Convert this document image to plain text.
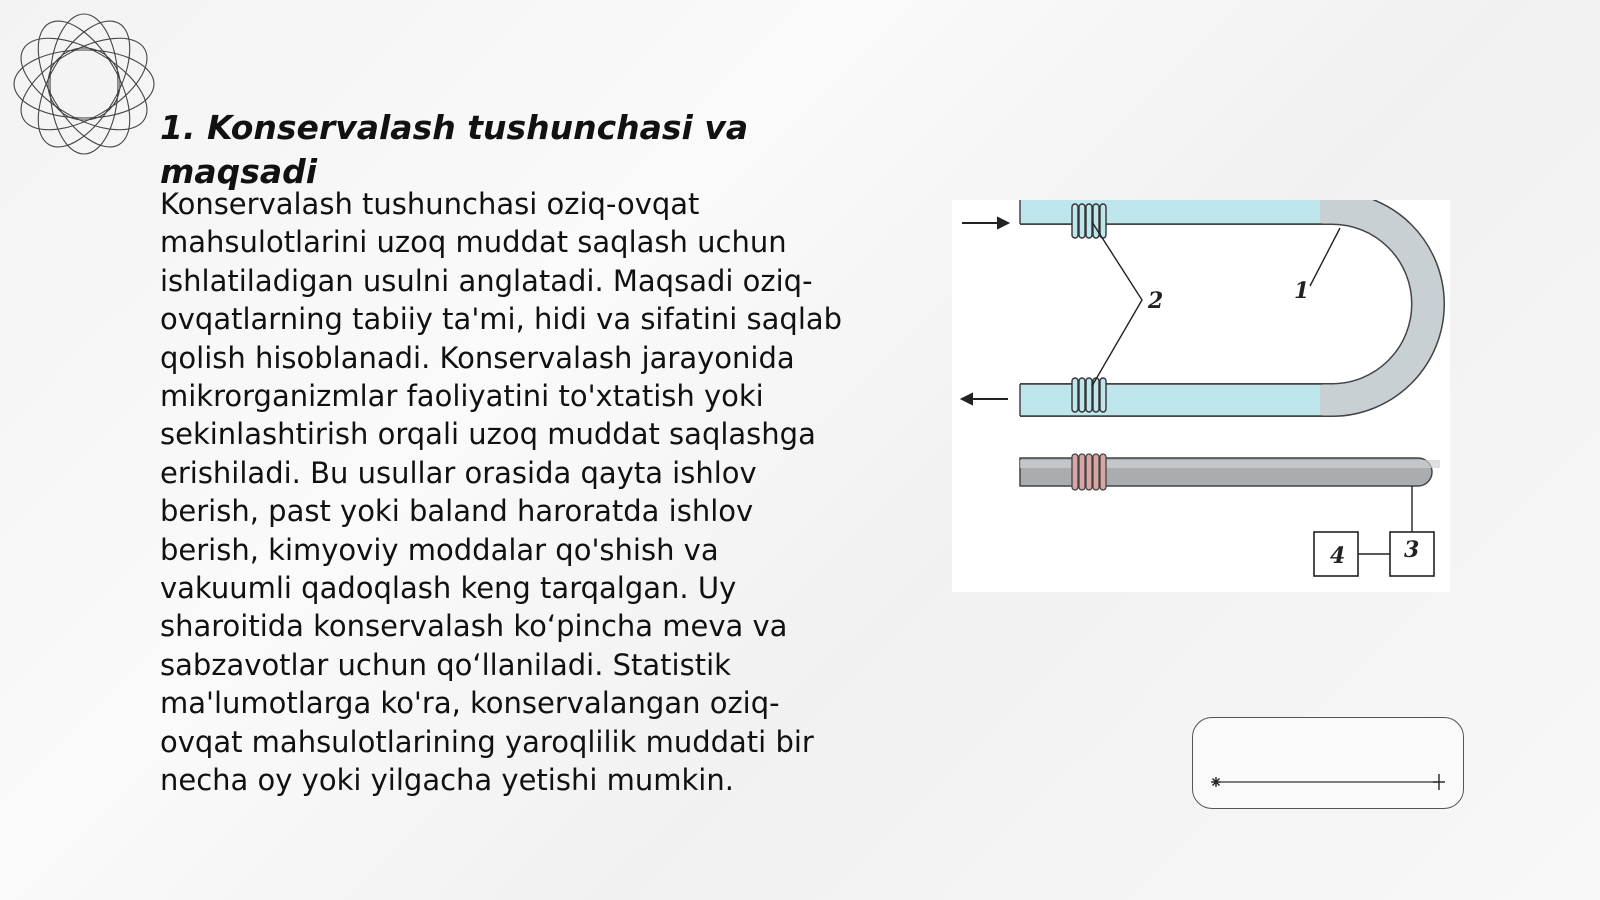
1. Konservalash tushunchasi va maqsadi

Konservalash tushunchasi oziq-ovqat mahsulotlarini uzoq muddat saqlash uchun ishlatiladigan usulni anglatadi. Maqsadi oziq-ovqatlarning tabiiy ta'mi, hidi va sifatini saqlab qolish hisoblanadi. Konservalash jarayonida mikrorganizmlar faoliyatini to'xtatish yoki sekinlashtirish orqali uzoq muddat saqlashga erishiladi. Bu usullar orasida qayta ishlov berish, past yoki baland haroratda ishlov berish, kimyoviy moddalar qo'shish va vakuumli qadoqlash keng tarqalgan. Uy sharoitida konservalash ko‘pincha meva va sabzavotlar uchun qo‘llaniladi. Statistik ma'lumotlarga ko'ra, konservalangan oziq-ovqat mahsulotlarining yaroqlilik muddati bir necha oy yoki yilgacha yetishi mumkin.

2	1
4	3
